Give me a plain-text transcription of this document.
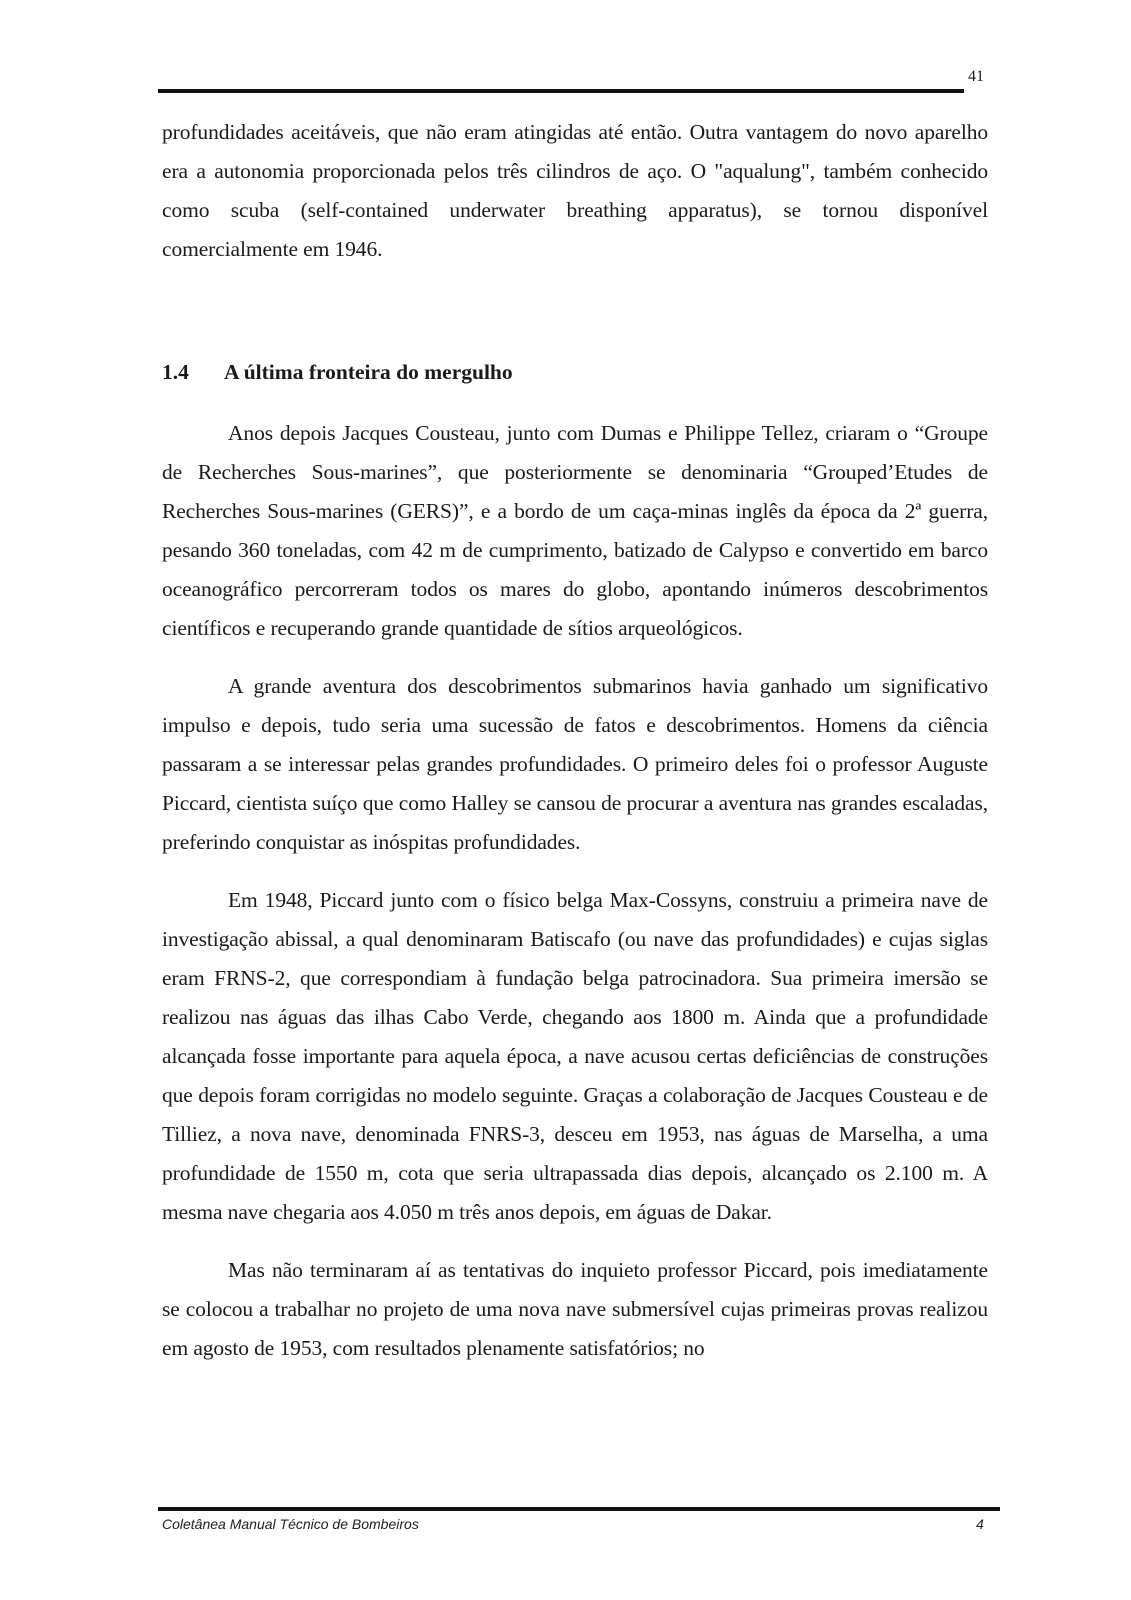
41

profundidades aceitáveis, que não eram atingidas até então. Outra vantagem do novo aparelho era a autonomia proporcionada pelos três cilindros de aço. O "aqualung", também conhecido como scuba (self-contained underwater breathing apparatus), se tornou disponível comercialmente em 1946.

1.4	A última fronteira do mergulho

Anos depois Jacques Cousteau, junto com Dumas e Philippe Tellez, criaram o “Groupe de Recherches Sous-marines”, que posteriormente se denominaria “Grouped’Etudes de Recherches Sous-marines (GERS)”, e a bordo de um caça-minas inglês da época da 2ª guerra, pesando 360 toneladas, com 42 m de cumprimento, batizado de Calypso e convertido em barco oceanográfico percorreram todos os mares do globo, apontando inúmeros descobrimentos científicos e recuperando grande quantidade de sítios arqueológicos.

A grande aventura dos descobrimentos submarinos havia ganhado um significativo impulso e depois, tudo seria uma sucessão de fatos e descobrimentos. Homens da ciência passaram a se interessar pelas grandes profundidades. O primeiro deles foi o professor Auguste Piccard, cientista suíço que como Halley se cansou de procurar a aventura nas grandes escaladas, preferindo conquistar as inóspitas profundidades.

Em 1948, Piccard junto com o físico belga Max-Cossyns, construiu a primeira nave de investigação abissal, a qual denominaram Batiscafo (ou nave das profundidades) e cujas siglas eram FRNS-2, que correspondiam à fundação belga patrocinadora. Sua primeira imersão se realizou nas águas das ilhas Cabo Verde, chegando aos 1800 m. Ainda que a profundidade alcançada fosse importante para aquela época, a nave acusou certas deficiências de construções que depois foram corrigidas no modelo seguinte. Graças a colaboração de Jacques Cousteau e de Tilliez, a nova nave, denominada FNRS-3, desceu em 1953, nas águas de Marselha, a uma profundidade de 1550 m, cota que seria ultrapassada dias depois, alcançado os 2.100 m. A mesma nave chegaria aos 4.050 m três anos depois, em águas de Dakar.

Mas não terminaram aí as tentativas do inquieto professor Piccard, pois imediatamente se colocou a trabalhar no projeto de uma nova nave submersível cujas primeiras provas realizou em agosto de 1953, com resultados plenamente satisfatórios; no

Coletânea Manual Técnico de Bombeiros	4
